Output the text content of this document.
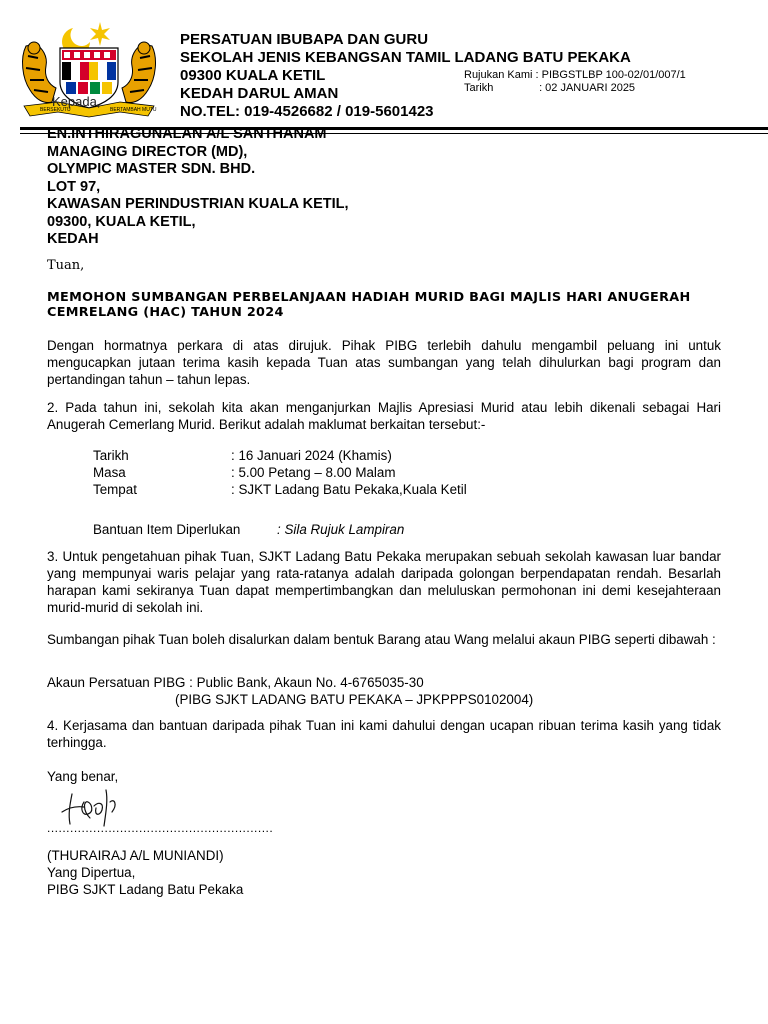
BERSEKUTU	BERTAMBAH MUTU
PERSATUAN IBUBAPA DAN GURU
SEKOLAH JENIS KEBANGSAN TAMIL LADANG BATU PEKAKA
09300 KUALA KETIL
KEDAH DARUL AMAN
NO.TEL: 019-4526682 / 019-5601423
Rujukan Kami : PIBGSTLBP 100-02/01/007/1
Tarikh	: 02 JANUARI 2025
Kepada,
EN.INTHIRAGUNALAN A/L SANTHANAM
MANAGING DIRECTOR (MD),
OLYMPIC MASTER SDN. BHD.
LOT 97,
KAWASAN PERINDUSTRIAN KUALA KETIL,
09300, KUALA KETIL,
KEDAH
Tuan,
MEMOHON SUMBANGAN PERBELANJAAN HADIAH MURID BAGI MAJLIS HARI ANUGERAH CEMRELANG (HAC) TAHUN 2024
Dengan hormatnya perkara di atas dirujuk. Pihak PIBG terlebih dahulu mengambil peluang ini untuk mengucapkan jutaan terima kasih kepada Tuan atas sumbangan yang telah dihulurkan bagi program dan pertandingan tahun – tahun lepas.
2. Pada tahun ini, sekolah kita akan menganjurkan Majlis Apresiasi Murid atau lebih dikenali sebagai Hari Anugerah Cemerlang Murid. Berikut adalah maklumat berkaitan tersebut:-
Tarikh	: 16 Januari 2024 (Khamis)
Masa	: 5.00 Petang – 8.00 Malam
Tempat	: SJKT Ladang Batu Pekaka,Kuala Ketil
Bantuan Item Diperlukan	: Sila Rujuk Lampiran
3. Untuk pengetahuan pihak Tuan, SJKT Ladang Batu Pekaka merupakan sebuah sekolah kawasan luar bandar yang mempunyai waris pelajar yang rata-ratanya adalah daripada golongan berpendapatan rendah. Besarlah harapan kami sekiranya Tuan dapat mempertimbangkan dan meluluskan permohonan ini demi kesejahteraan murid-murid di sekolah ini.
Sumbangan pihak Tuan boleh disalurkan dalam bentuk Barang atau Wang melalui akaun PIBG seperti dibawah :
Akaun Persatuan PIBG : Public Bank, Akaun No. 4-6765035-30
(PIBG SJKT LADANG BATU PEKAKA – JPKPPPS0102004)
4. Kerjasama dan bantuan daripada pihak Tuan ini kami dahului dengan ucapan ribuan terima kasih yang tidak terhingga.
Yang benar,
...........................................................
(THURAIRAJ A/L MUNIANDI)
Yang Dipertua,
PIBG SJKT Ladang Batu Pekaka
